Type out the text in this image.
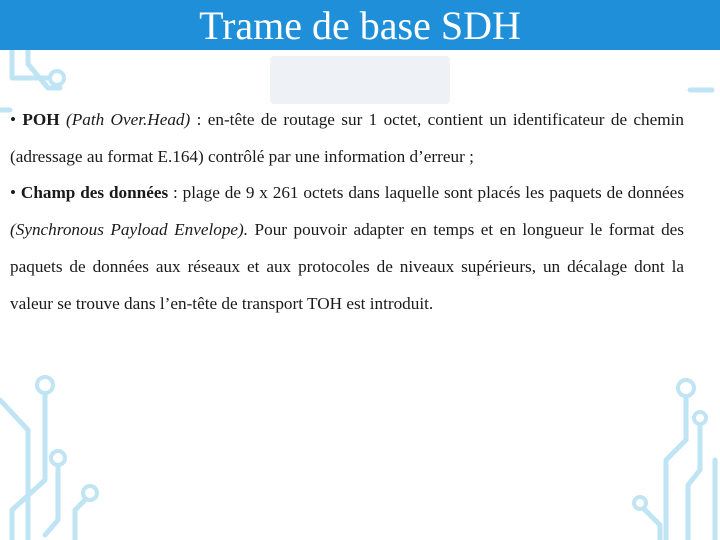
Trame de base SDH

• POH (Path Over.Head) : en-tête de routage sur 1 octet, contient un identificateur de chemin (adressage au format E.164) contrôlé par une information d’erreur ;

• Champ des données : plage de 9 x 261 octets dans laquelle sont placés les paquets de données (Synchronous Payload Envelope). Pour pouvoir adapter en temps et en longueur le format des paquets de données aux réseaux et aux protocoles de niveaux supérieurs, un décalage dont la valeur se trouve dans l’en-tête de transport TOH est introduit.
